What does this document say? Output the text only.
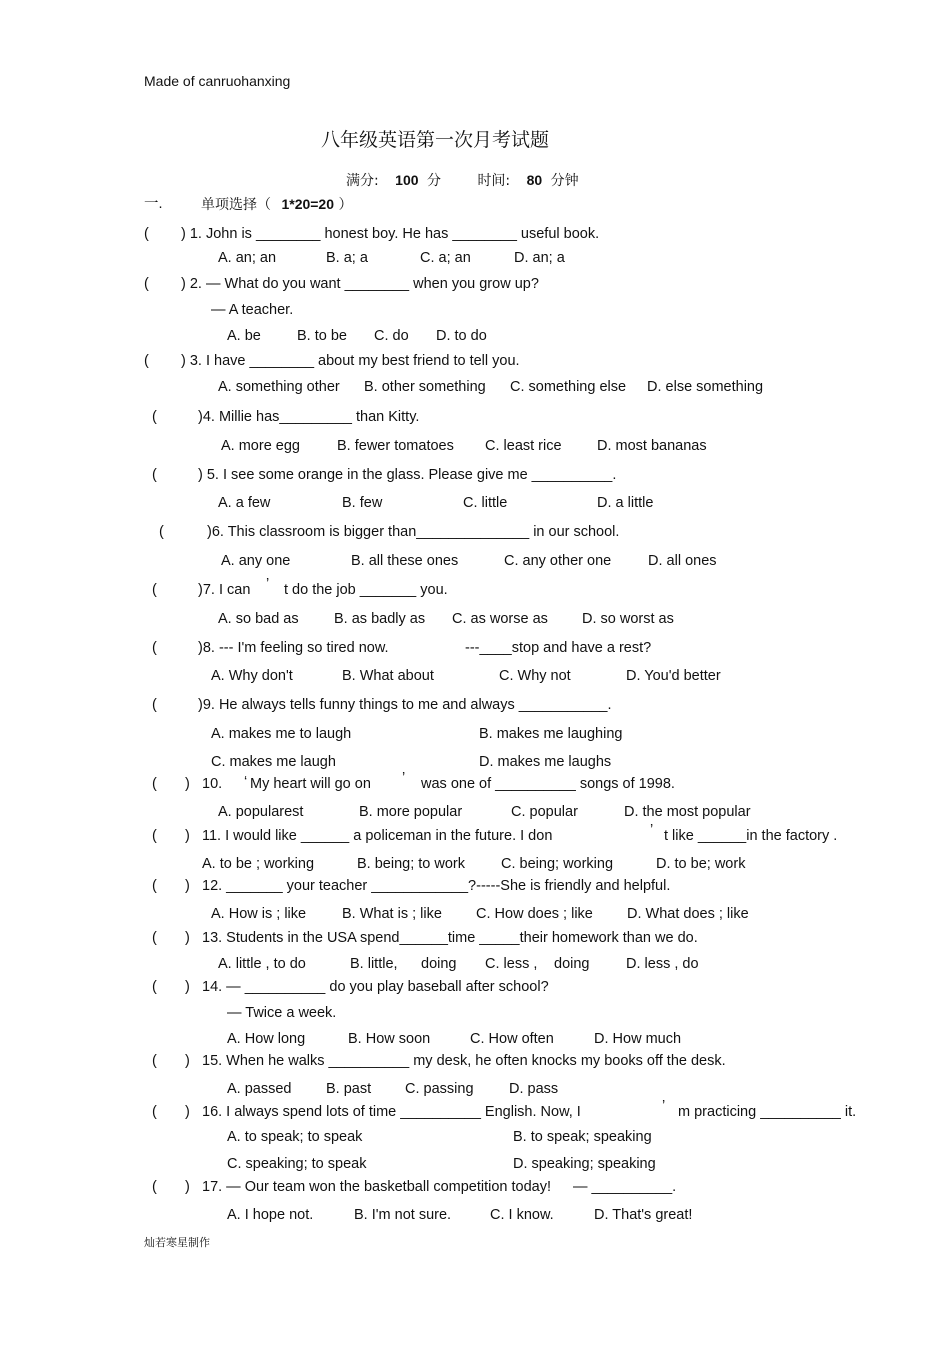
Made of canruohanxing
八年级英语第一次月考试题
满分: 100 分	时间: 80 分钟
一.	单项选择（ 1*20=20 ）
( ) 1. John is ________ honest boy. He has ________ useful book.
A. an; an	B. a; a	C. a; an	D. an; a
( ) 2. — What do you want ________ when you grow up?
— A teacher.
A. be B. to be C. do D. to do
( ) 3. I have ________ about my best friend to tell you.
A. something other B. other something C. something else D. else something
(	)4. Millie has_________ than Kitty.
A. more egg	B. fewer tomatoes C. least rice D. most bananas
(	) 5. I see some orange in the glass. Please give me __________.
A. a few	B. few	C. little	D. a little
(	)6. This classroom is bigger than______________ in our school.
A. any one	B. all these ones	C. any other one	D. all ones
(	)7. I can ’ t do the job _______ you.
A. so bad as B. as badly as C. as worse as D. so worst as
(	)8. --- I'm feeling so tired now.	---____stop and have a rest?
A. Why don't	B. What about	C. Why not	D. You'd better
(	)9. He always tells funny things to me and always ___________.
A. makes me to laugh	B. makes me laughing
C. makes me laugh	D. makes me laughs
( ) 10. ‘ My heart will go on ’ was one of __________ songs of 1998.
A. popularest	B. more popular	C. popular	D. the most popular
( ) 11. I would like ______ a policeman in the future. I don	’ t like ______in the factory .
A. to be ; working	B. being; to work C. being; working	D. to be; work
( ) 12. _______ your teacher ____________?-----She is friendly and helpful.
A. How is ; like B. What is ; like C. How does ; like D. What does ; like
( ) 13. Students in the USA spend______time _____their homework than we do.
A. little , to do	B. little, doing C. less , doing	D. less , do
( ) 14. — __________ do you play baseball after school?
— Twice a week.
A. How long	B. How soon	C. How often	D. How much
( ) 15. When he walks __________ my desk, he often knocks my books off the desk.
A. passed B. past C. passing D. pass
( ) 16. I always spend lots of time __________ English. Now, I	’ m practicing __________ it.
A. to speak; to speak	B. to speak; speaking
C. speaking; to speak	D. speaking; speaking
( ) 17. — Our team won the basketball competition today! — __________.
A. I hope not.	B. I'm not sure.	C. I know.	D. That's great!
灿若寒星制作
